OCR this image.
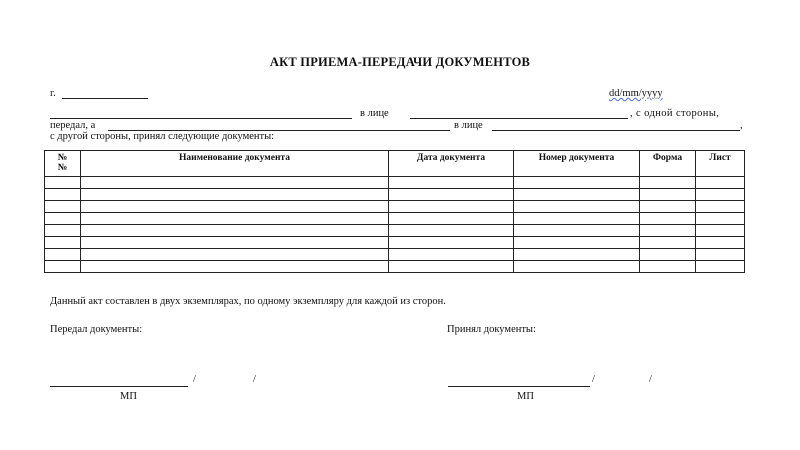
АКТ ПРИЕМА-ПЕРЕДАЧИ ДОКУМЕНТОВ
г.	dd/mm/yyyy
в лице	, с одной стороны,
передал, а	в лице	,
с другой стороны, принял следующие документы:
№ №	Наименование документа	Дата документа	Номер документа	Форма	Лист

Данный акт составлен в двух экземплярах, по одному экземпляру для каждой из сторон.
Передал документы:	Принял документы:
/	/
МП
/	/
МП
